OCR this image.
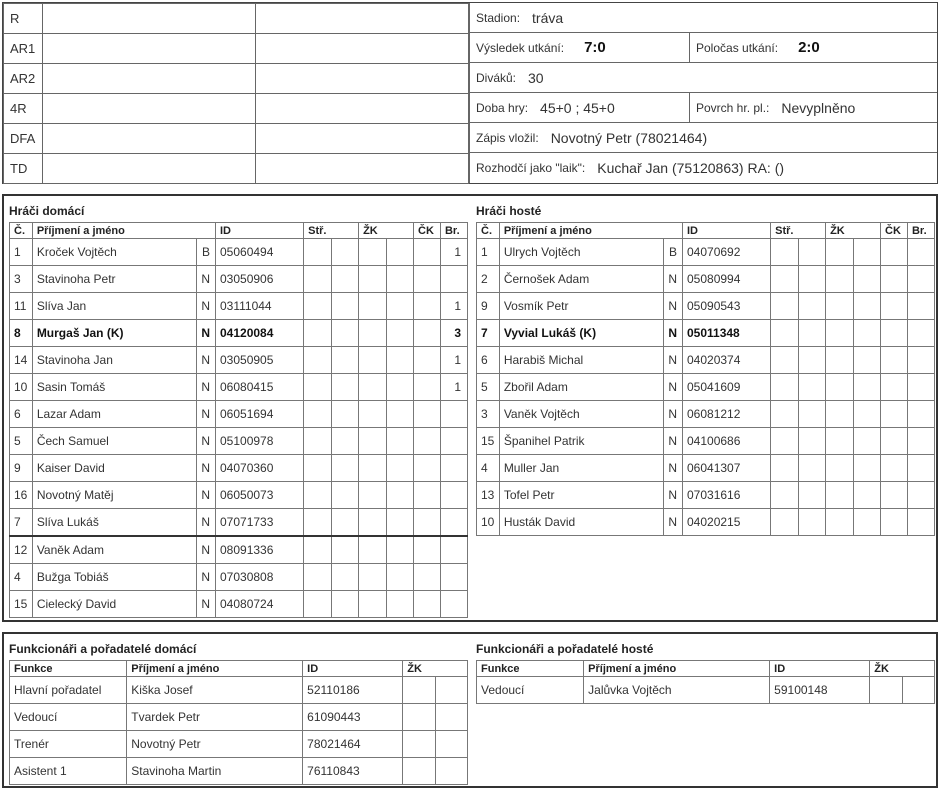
R		
AR1		
AR2		
4R		
DFA		
TD		
Stadion: tráva
Výsledek utkání: 7:0	Poločas utkání: 2:0
Diváků: 30
Doba hry: 45+0 ; 45+0	Povrch hr. pl.: Nevyplněno
Zápis vložil: Novotný Petr (78021464)
Rozhodčí jako "laik": Kuchař Jan (75120863) RA: ()
Hráči domácí
Č.	Příjmení a jméno		ID	Stř.		ŽK		ČK	Br.
1	Kroček Vojtěch	B	05060494						1
3	Stavinoha Petr	N	03050906						
11	Slíva Jan	N	03111044						1
8	Murgaš Jan (K)	N	04120084						3
14	Stavinoha Jan	N	03050905						1
10	Sasin Tomáš	N	06080415						1
6	Lazar Adam	N	06051694						
5	Čech Samuel	N	05100978						
9	Kaiser David	N	04070360						
16	Novotný Matěj	N	06050073						
7	Slíva Lukáš	N	07071733						
12	Vaněk Adam	N	08091336						
4	Bužga Tobiáš	N	07030808						
15	Cielecký David	N	04080724						
Hráči hosté
Č.	Příjmení a jméno		ID	Stř.		ŽK		ČK	Br.
1	Ulrych Vojtěch	B	04070692						
2	Černošek Adam	N	05080994						
9	Vosmík Petr	N	05090543						
7	Vyvial Lukáš (K)	N	05011348						
6	Harabiš Michal	N	04020374						
5	Zbořil Adam	N	05041609						
3	Vaněk Vojtěch	N	06081212						
15	Španihel Patrik	N	04100686						
4	Muller Jan	N	06041307						
13	Tofel Petr	N	07031616						
10	Husták David	N	04020215						
Funkcionáři a pořadatelé domácí
Funkce	Příjmení a jméno	ID	ŽK	
Hlavní pořadatel	Kiška Josef	52110186		
Vedoucí	Tvardek Petr	61090443		
Trenér	Novotný Petr	78021464		
Asistent 1	Stavinoha Martin	76110843		
Funkcionáři a pořadatelé hosté
Funkce	Příjmení a jméno	ID	ŽK	
Vedoucí	Jalůvka Vojtěch	59100148		
